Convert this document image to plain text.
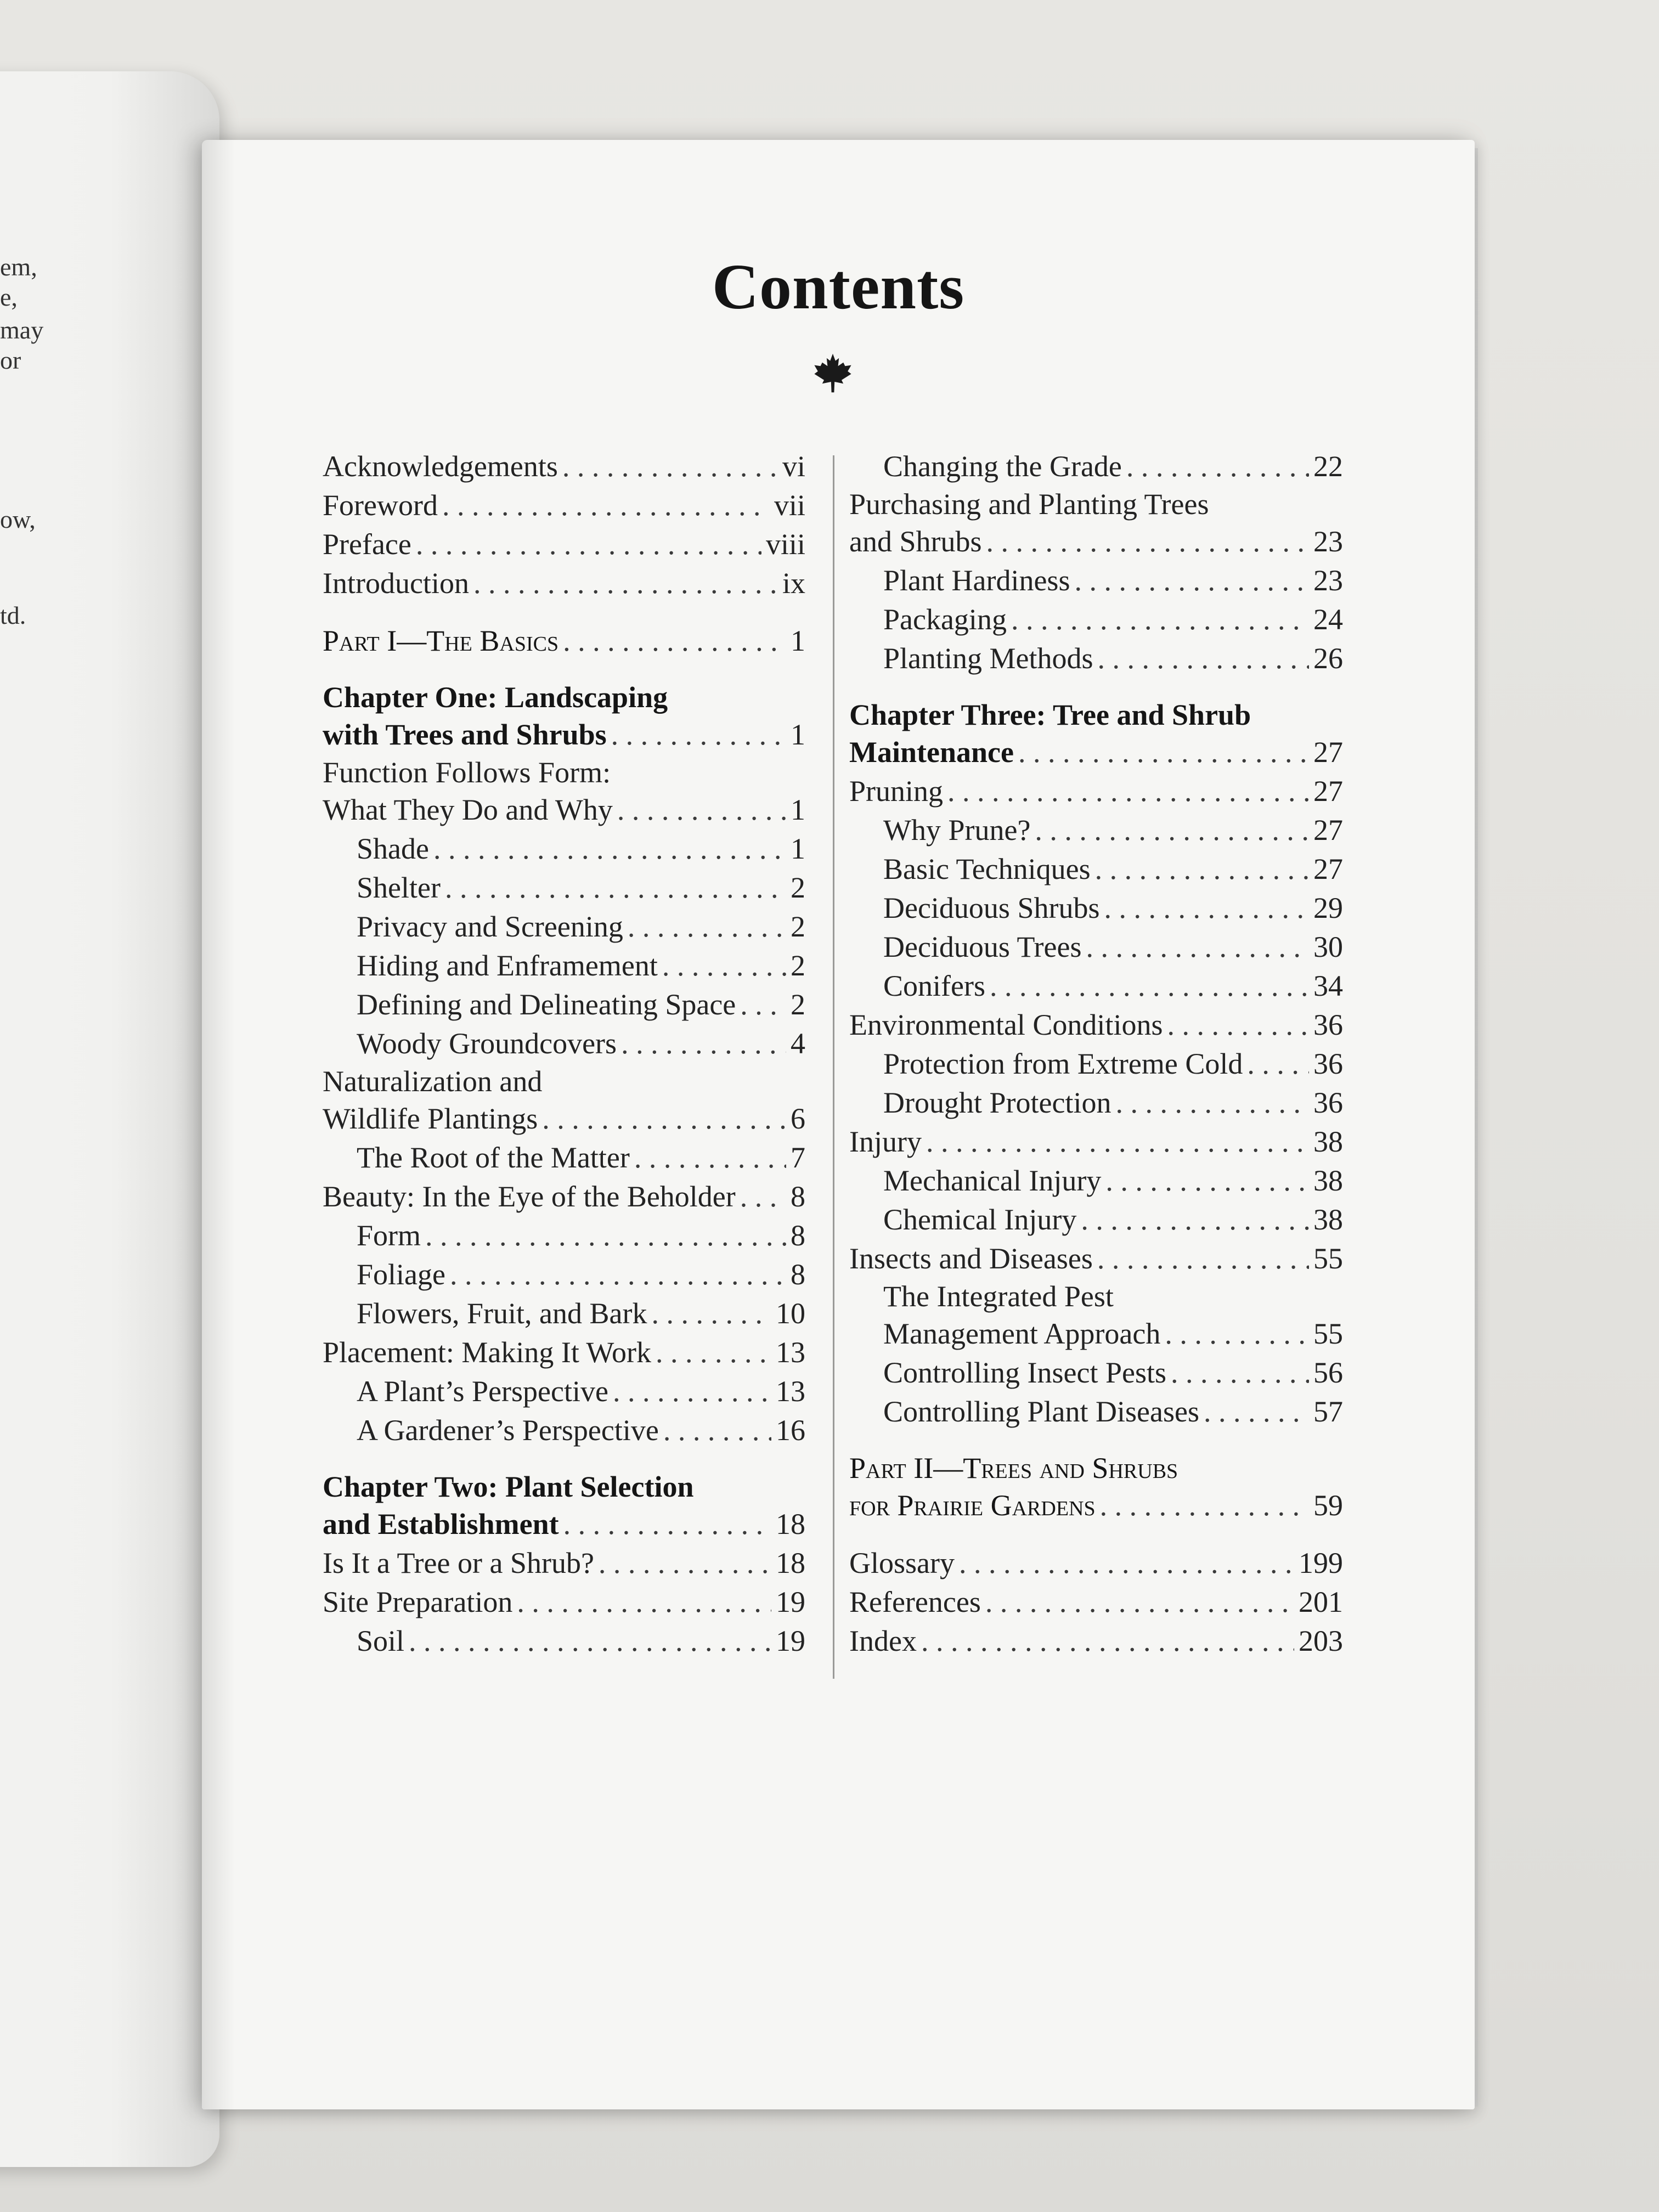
em,
e,
may
or
ow,
td.
Contents
Acknowledgements . . .	vi
Foreword . . .	vii
Preface . . .	viii
Introduction . . .	ix
Part I—The Basics . . .	1
Chapter One: Landscaping
with Trees and Shrubs . . .	1
Function Follows Form:
What They Do and Why . . .	1
Shade . . .	1
Shelter . . .	2
Privacy and Screening . . .	2
Hiding and Enframement . . .	2
Defining and Delineating Space . . . 2
Woody Groundcovers . . .	4
Naturalization and
Wildlife Plantings . . .	6
The Root of the Matter . . .	7
Beauty: In the Eye of the Beholder . . . 8
Form . . .	8
Foliage . . .	8
Flowers, Fruit, and Bark . . .	10
Placement: Making It Work . . .	13
A Plant’s Perspective . . .	13
A Gardener’s Perspective . . .	16
Chapter Two: Plant Selection
and Establishment . . .	18
Is It a Tree or a Shrub? . . .	18
Site Preparation . . .	19
Soil . . .	19
Changing the Grade . . .	22
Purchasing and Planting Trees
and Shrubs . . .	23
Plant Hardiness . . .	23
Packaging . . .	24
Planting Methods . . .	26
Chapter Three: Tree and Shrub
Maintenance . . .	27
Pruning . . .	27
Why Prune? . . .	27
Basic Techniques . . .	27
Deciduous Shrubs . . .	29
Deciduous Trees . . .	30
Conifers . . .	34
Environmental Conditions . . .	36
Protection from Extreme Cold . . . 36
Drought Protection . . .	36
Injury . . .	38
Mechanical Injury . . .	38
Chemical Injury . . .	38
Insects and Diseases . . .	55
The Integrated Pest
Management Approach . . .	55
Controlling Insect Pests . . .	56
Controlling Plant Diseases . . .	57
Part II—Trees and Shrubs
for Prairie Gardens . . .	59
Glossary . . .	199
References . . .	201
Index . . .	203
